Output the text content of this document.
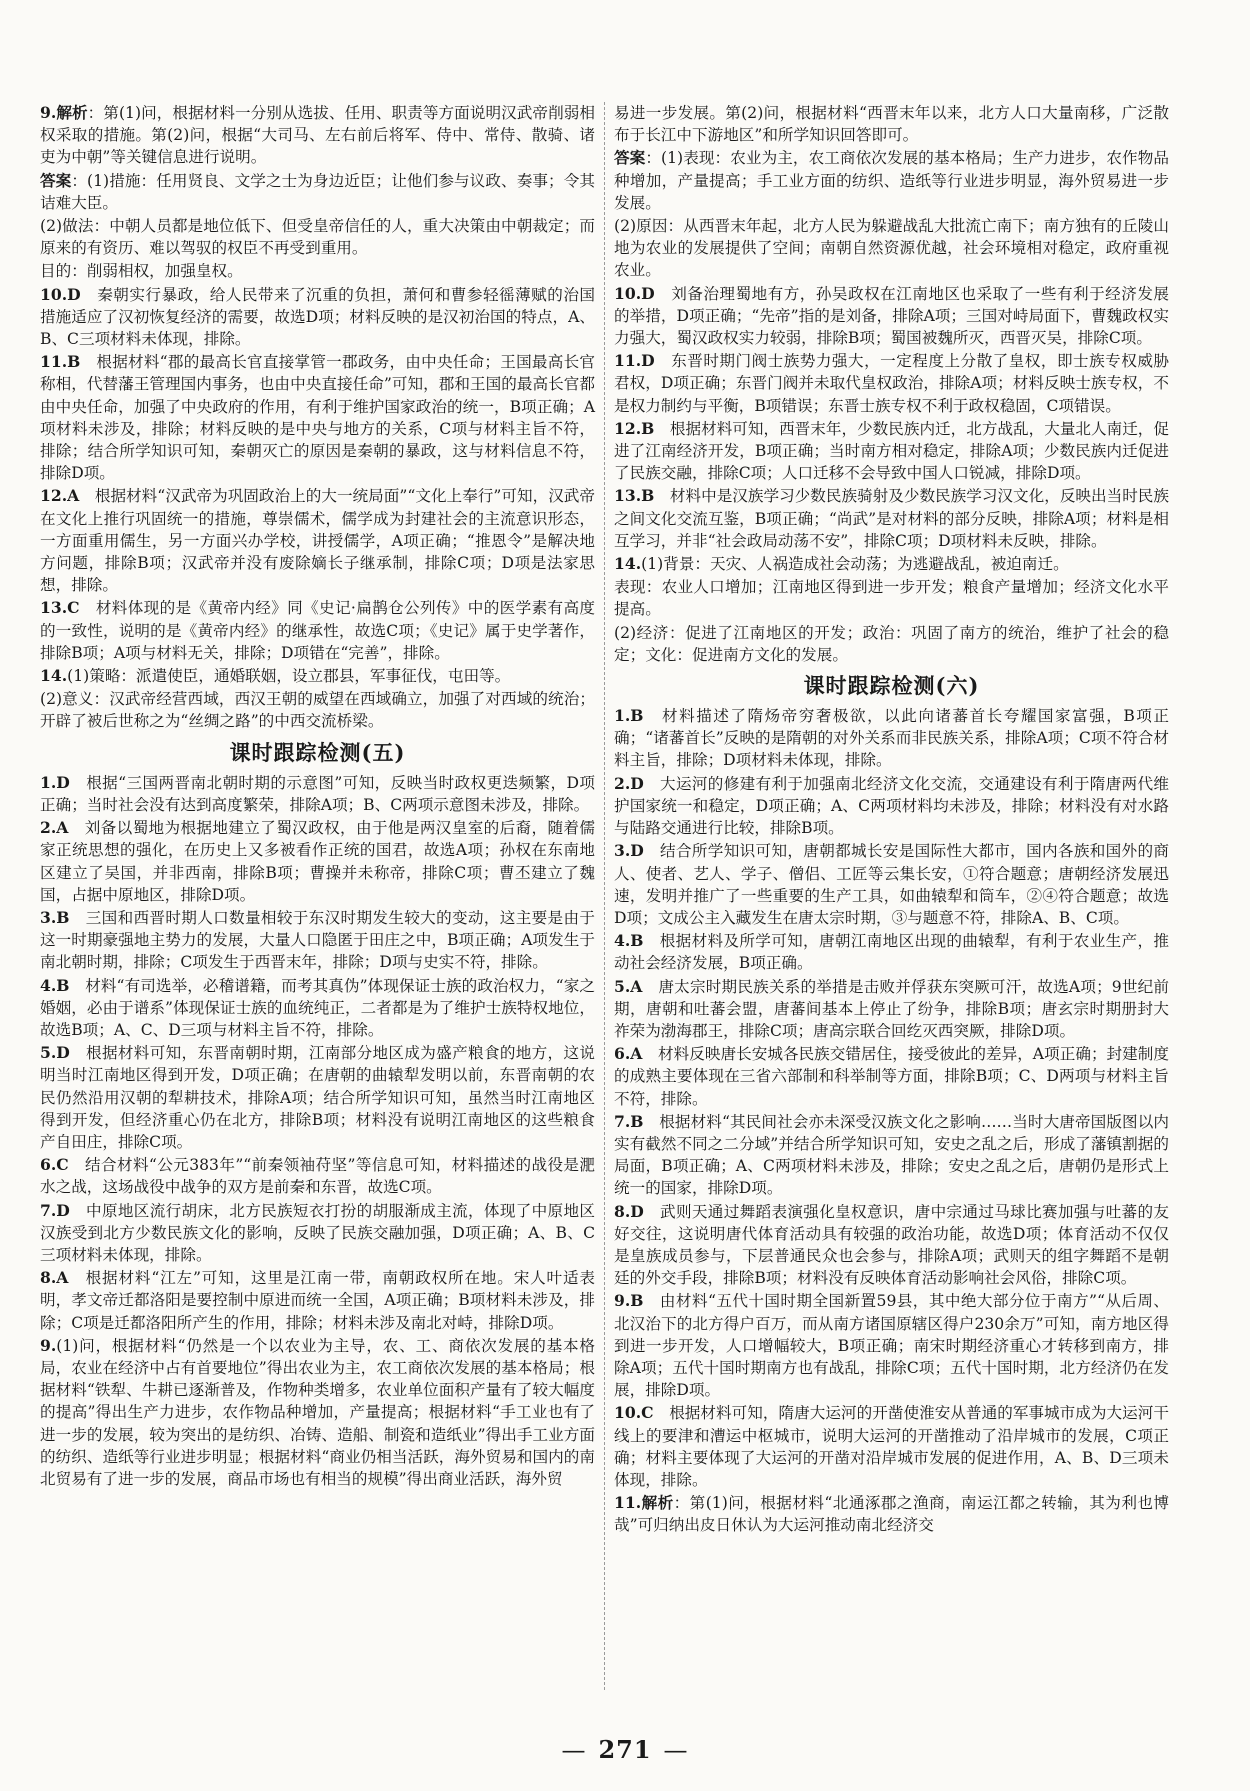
9.解析：第(1)问，根据材料一分别从选拔、任用、职责等方面说明汉武帝削弱相权采取的措施。第(2)问，根据“大司马、左右前后将军、侍中、常侍、散骑、诸吏为中朝”等关键信息进行说明。
答案：(1)措施：任用贤良、文学之士为身边近臣；让他们参与议政、奏事；令其诘难大臣。
(2)做法：中朝人员都是地位低下、但受皇帝信任的人，重大决策由中朝裁定；而原来的有资历、难以驾驭的权臣不再受到重用。
目的：削弱相权，加强皇权。
10.D　秦朝实行暴政，给人民带来了沉重的负担，萧何和曹参轻徭薄赋的治国措施适应了汉初恢复经济的需要，故选D项；材料反映的是汉初治国的特点，A、B、C三项材料未体现，排除。
11.B　根据材料“郡的最高长官直接掌管一郡政务，由中央任命；王国最高长官称相，代替藩王管理国内事务，也由中央直接任命”可知，郡和王国的最高长官都由中央任命，加强了中央政府的作用，有利于维护国家政治的统一，B项正确；A项材料未涉及，排除；材料反映的是中央与地方的关系，C项与材料主旨不符，排除；结合所学知识可知，秦朝灭亡的原因是秦朝的暴政，这与材料信息不符，排除D项。
12.A　根据材料“汉武帝为巩固政治上的大一统局面”“文化上奉行”可知，汉武帝在文化上推行巩固统一的措施，尊崇儒术，儒学成为封建社会的主流意识形态，一方面重用儒生，另一方面兴办学校，讲授儒学，A项正确；“推恩令”是解决地方问题，排除B项；汉武帝并没有废除嫡长子继承制，排除C项；D项是法家思想，排除。
13.C　材料体现的是《黄帝内经》同《史记·扁鹊仓公列传》中的医学素有高度的一致性，说明的是《黄帝内经》的继承性，故选C项；《史记》属于史学著作，排除B项；A项与材料无关，排除；D项错在“完善”，排除。
14.(1)策略：派遣使臣，通婚联姻，设立郡县，军事征伐，屯田等。
(2)意义：汉武帝经营西域，西汉王朝的威望在西域确立，加强了对西域的统治；开辟了被后世称之为“丝绸之路”的中西交流桥梁。
课时跟踪检测(五)
1.D　根据“三国两晋南北朝时期的示意图”可知，反映当时政权更迭频繁，D项正确；当时社会没有达到高度繁荣，排除A项；B、C两项示意图未涉及，排除。
2.A　刘备以蜀地为根据地建立了蜀汉政权，由于他是两汉皇室的后裔，随着儒家正统思想的强化，在历史上又多被看作正统的国君，故选A项；孙权在东南地区建立了吴国，并非西南，排除B项；曹操并未称帝，排除C项；曹丕建立了魏国，占据中原地区，排除D项。
3.B　三国和西晋时期人口数量相较于东汉时期发生较大的变动，这主要是由于这一时期豪强地主势力的发展，大量人口隐匿于田庄之中，B项正确；A项发生于南北朝时期，排除；C项发生于西晋末年，排除；D项与史实不符，排除。
4.B　材料“有司选举，必稽谱籍，而考其真伪”体现保证士族的政治权力，“家之婚姻，必由于谱系”体现保证士族的血统纯正，二者都是为了维护士族特权地位，故选B项；A、C、D三项与材料主旨不符，排除。
5.D　根据材料可知，东晋南朝时期，江南部分地区成为盛产粮食的地方，这说明当时江南地区得到开发，D项正确；在唐朝的曲辕犁发明以前，东晋南朝的农民仍然沿用汉朝的犁耕技术，排除A项；结合所学知识可知，虽然当时江南地区得到开发，但经济重心仍在北方，排除B项；材料没有说明江南地区的这些粮食产自田庄，排除C项。
6.C　结合材料“公元383年”“前秦领袖苻坚”等信息可知，材料描述的战役是淝水之战，这场战役中战争的双方是前秦和东晋，故选C项。
7.D　中原地区流行胡床，北方民族短衣打扮的胡服渐成主流，体现了中原地区汉族受到北方少数民族文化的影响，反映了民族交融加强，D项正确；A、B、C三项材料未体现，排除。
8.A　根据材料“江左”可知，这里是江南一带，南朝政权所在地。宋人叶适表明，孝文帝迁都洛阳是要控制中原进而统一全国，A项正确；B项材料未涉及，排除；C项是迁都洛阳所产生的作用，排除；材料未涉及南北对峙，排除D项。
9.(1)问，根据材料“仍然是一个以农业为主导，农、工、商依次发展的基本格局，农业在经济中占有首要地位”得出农业为主，农工商依次发展的基本格局；根据材料“铁犁、牛耕已逐渐普及，作物种类增多，农业单位面积产量有了较大幅度的提高”得出生产力进步，农作物品种增加，产量提高；根据材料“手工业也有了进一步的发展，较为突出的是纺织、冶铸、造船、制瓷和造纸业”得出手工业方面的纺织、造纸等行业进步明显；根据材料“商业仍相当活跃，海外贸易和国内的南北贸易有了进一步的发展，商品市场也有相当的规模”得出商业活跃，海外贸
易进一步发展。第(2)问，根据材料“西晋末年以来，北方人口大量南移，广泛散布于长江中下游地区”和所学知识回答即可。
答案：(1)表现：农业为主，农工商依次发展的基本格局；生产力进步，农作物品种增加，产量提高；手工业方面的纺织、造纸等行业进步明显，海外贸易进一步发展。
(2)原因：从西晋末年起，北方人民为躲避战乱大批流亡南下；南方独有的丘陵山地为农业的发展提供了空间；南朝自然资源优越，社会环境相对稳定，政府重视农业。
10.D　刘备治理蜀地有方，孙吴政权在江南地区也采取了一些有利于经济发展的举措，D项正确；“先帝”指的是刘备，排除A项；三国对峙局面下，曹魏政权实力强大，蜀汉政权实力较弱，排除B项；蜀国被魏所灭，西晋灭吴，排除C项。
11.D　东晋时期门阀士族势力强大，一定程度上分散了皇权，即士族专权威胁君权，D项正确；东晋门阀并未取代皇权政治，排除A项；材料反映士族专权，不是权力制约与平衡，B项错误；东晋士族专权不利于政权稳固，C项错误。
12.B　根据材料可知，西晋末年，少数民族内迁，北方战乱，大量北人南迁，促进了江南经济开发，B项正确；当时南方相对稳定，排除A项；少数民族内迁促进了民族交融，排除C项；人口迁移不会导致中国人口锐减，排除D项。
13.B　材料中是汉族学习少数民族骑射及少数民族学习汉文化，反映出当时民族之间文化交流互鉴，B项正确；“尚武”是对材料的部分反映，排除A项；材料是相互学习，并非“社会政局动荡不安”，排除C项；D项材料未反映，排除。
14.(1)背景：天灾、人祸造成社会动荡；为逃避战乱，被迫南迁。
表现：农业人口增加；江南地区得到进一步开发；粮食产量增加；经济文化水平提高。
(2)经济：促进了江南地区的开发；政治：巩固了南方的统治，维护了社会的稳定；文化：促进南方文化的发展。
课时跟踪检测(六)
1.B　材料描述了隋炀帝穷奢极欲，以此向诸蕃首长夸耀国家富强，B项正确；“诸蕃首长”反映的是隋朝的对外关系而非民族关系，排除A项；C项不符合材料主旨，排除；D项材料未体现，排除。
2.D　大运河的修建有利于加强南北经济文化交流，交通建设有利于隋唐两代维护国家统一和稳定，D项正确；A、C两项材料均未涉及，排除；材料没有对水路与陆路交通进行比较，排除B项。
3.D　结合所学知识可知，唐朝都城长安是国际性大都市，国内各族和国外的商人、使者、艺人、学子、僧侣、工匠等云集长安，①符合题意；唐朝经济发展迅速，发明并推广了一些重要的生产工具，如曲辕犁和筒车，②④符合题意；故选D项；文成公主入藏发生在唐太宗时期，③与题意不符，排除A、B、C项。
4.B　根据材料及所学可知，唐朝江南地区出现的曲辕犁，有利于农业生产，推动社会经济发展，B项正确。
5.A　唐太宗时期民族关系的举措是击败并俘获东突厥可汗，故选A项；9世纪前期，唐朝和吐蕃会盟，唐蕃间基本上停止了纷争，排除B项；唐玄宗时期册封大祚荣为渤海郡王，排除C项；唐高宗联合回纥灭西突厥，排除D项。
6.A　材料反映唐长安城各民族交错居住，接受彼此的差异，A项正确；封建制度的成熟主要体现在三省六部制和科举制等方面，排除B项；C、D两项与材料主旨不符，排除。
7.B　根据材料“其民间社会亦未深受汉族文化之影响……当时大唐帝国版图以内实有截然不同之二分域”并结合所学知识可知，安史之乱之后，形成了藩镇割据的局面，B项正确；A、C两项材料未涉及，排除；安史之乱之后，唐朝仍是形式上统一的国家，排除D项。
8.D　武则天通过舞蹈表演强化皇权意识，唐中宗通过马球比赛加强与吐蕃的友好交往，这说明唐代体育活动具有较强的政治功能，故选D项；体育活动不仅仅是皇族成员参与，下层普通民众也会参与，排除A项；武则天的组字舞蹈不是朝廷的外交手段，排除B项；材料没有反映体育活动影响社会风俗，排除C项。
9.B　由材料“五代十国时期全国新置59县，其中绝大部分位于南方”“从后周、北汉治下的北方得户百万，而从南方诸国原辖区得户230余万”可知，南方地区得到进一步开发，人口增幅较大，B项正确；南宋时期经济重心才转移到南方，排除A项；五代十国时期南方也有战乱，排除C项；五代十国时期，北方经济仍在发展，排除D项。
10.C　根据材料可知，隋唐大运河的开凿使淮安从普通的军事城市成为大运河干线上的要津和漕运中枢城市，说明大运河的开凿推动了沿岸城市的发展，C项正确；材料主要体现了大运河的开凿对沿岸城市发展的促进作用，A、B、D三项未体现，排除。
11.解析：第(1)问，根据材料“北通涿郡之渔商，南运江都之转输，其为利也博哉”可归纳出皮日休认为大运河推动南北经济交
— 271 —
